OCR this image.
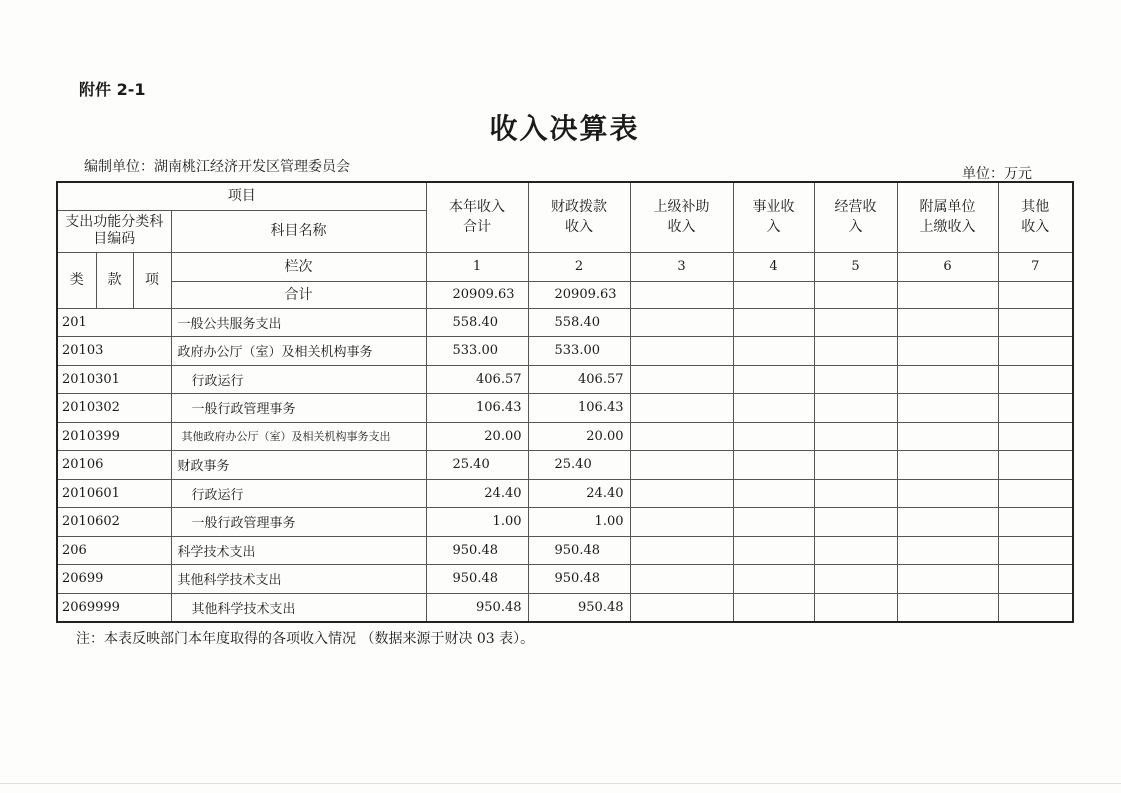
附件 2-1
收入决算表
编制单位：湖南桃江经济开发区管理委员会	单位：万元
项目				本年收入合计	财政拨款收入	上级补助收入	事业收入	经营收入	附属单位上缴收入	其他收入
支出功能分类科目编码			科目名称							
类	款	项	栏次	1	2	3	4	5	6	7
			合计	20909.63	20909.63					
201			一般公共服务支出	558.40	558.40					
20103			政府办公厅（室）及相关机构事务	533.00	533.00					
2010301			行政运行	406.57	406.57					
2010302			一般行政管理事务	106.43	106.43					
2010399			其他政府办公厅（室）及相关机构事务支出	20.00	20.00					
20106			财政事务	25.40	25.40					
2010601			行政运行	24.40	24.40					
2010602			一般行政管理事务	1.00	1.00					
206			科学技术支出	950.48	950.48					
20699			其他科学技术支出	950.48	950.48					
2069999			其他科学技术支出	950.48	950.48					
注：本表反映部门本年度取得的各项收入情况 （数据来源于财决 03 表）。
